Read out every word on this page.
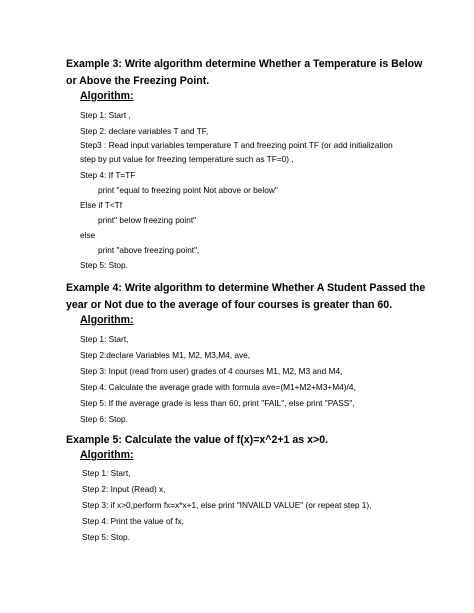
Example 3: Write algorithm determine Whether a Temperature is Below or Above the Freezing Point.

Algorithm:

Step 1: Start ,

Step 2: declare variables T and TF,

Step3 : Read input variables temperature T and freezing point TF (or add initialization step by put value for freezing temperature such as TF=0) ,

Step 4: If T=TF

print "equal to freezing point Not above or below"

Else if T<Tf

print" below freezing point"

else

print "above freezing point",

Step 5: Stop.

Example 4: Write algorithm to determine Whether A Student Passed the year or Not due to the average of four courses is greater than 60.

Algorithm:

Step 1: Start,

Step 2:declare Variables M1, M2, M3,M4, ave,

Step 3: Input (read from user) grades of 4 courses M1, M2, M3 and M4,

Step 4: Calculate the average grade with formula ave=(M1+M2+M3+M4)/4,

Step 5: If the average grade is less than 60, print "FAIL", else print "PASS",

Step 6: Stop.

Example 5: Calculate the value of f(x)=x^2+1 as x>0.

Algorithm:

Step 1: Start,

Step 2: Input (Read) x,

Step 3: if x>0,perform fx=x*x+1, else print "INVAILD VALUE" (or repeat step 1),

Step 4: Print the value of fx,

Step 5: Stop.
